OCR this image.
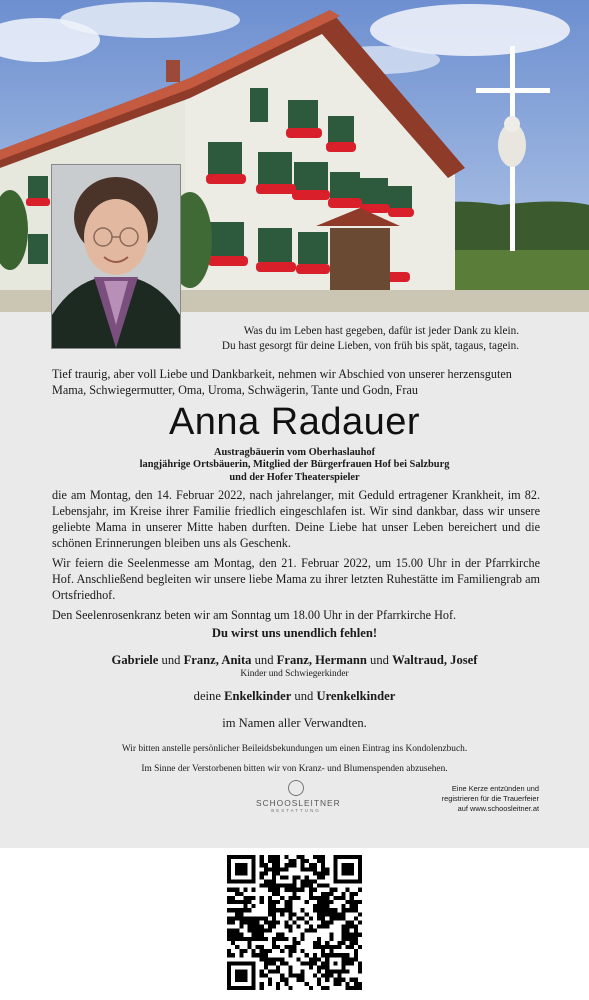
Was du im Leben hast gegeben, dafür ist jeder Dank zu klein.
Du hast gesorgt für deine Lieben, von früh bis spät, tagaus, tagein.
Tief traurig, aber voll Liebe und Dankbarkeit, nehmen wir Abschied von unserer herzensguten
Mama, Schwiegermutter, Oma, Uroma, Schwägerin, Tante und Godn, Frau
Anna Radauer
Austragbäuerin vom Oberhaslauhof
langjährige Ortsbäuerin, Mitglied der Bürgerfrauen Hof bei Salzburg
und der Hofer Theaterspieler

die am Montag, den 14. Februar 2022, nach jahrelanger, mit Geduld ertragener Krankheit, im 82. Lebensjahr, im Kreise ihrer Familie friedlich eingeschlafen ist. Wir sind dankbar, dass wir unsere geliebte Mama in unserer Mitte haben durften. Deine Liebe hat unser Leben bereichert und die schönen Erinnerungen bleiben uns als Geschenk.

Wir feiern die Seelenmesse am Montag, den 21. Februar 2022, um 15.00 Uhr in der Pfarrkirche Hof. Anschließend begleiten wir unsere liebe Mama zu ihrer letzten Ruhestätte im Familiengrab am Ortsfriedhof.

Den Seelenrosenkranz beten wir am Sonntag um 18.00 Uhr in der Pfarrkirche Hof.

Du wirst uns unendlich fehlen!
Gabriele und Franz, Anita und Franz, Hermann und Waltraud, Josef
Kinder und Schwiegerkinder
deine Enkelkinder und Urenkelkinder
im Namen aller Verwandten.
Wir bitten anstelle persönlicher Beileidsbekundungen um einen Eintrag ins Kondolenzbuch.
Im Sinne der Verstorbenen bitten wir von Kranz- und Blumenspenden abzusehen.
SCHOOSLEITNER
BESTATTUNG
Eine Kerze entzünden und
registrieren für die Trauerfeier
auf www.schoosleitner.at
